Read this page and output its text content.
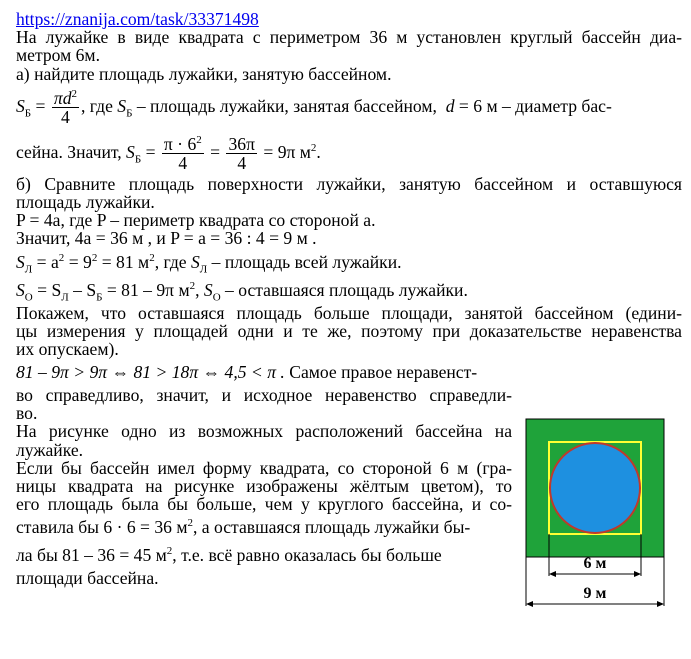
https://znanija.com/task/33371498
На лужайке в виде квадрата с периметром 36 м установлен круглый бассейн диа-
метром 6м.
а) найдите площадь лужайки, занятую бассейном.
$S_Б = \frac{\pi d^2}{4}$ , где $S_Б$ – площадь лужайки, занятая бассейном, d = 6 м – диаметр бас-
сейна. Значит, $S_Б = \frac{\pi \cdot 6^2}{4} = \frac{36\pi}{4} = 9\pi$ $м^2$.
б) Сравните площадь поверхности лужайки, занятую бассейном и оставшуюся
площадь лужайки.
P = 4a, где P – периметр квадрата со стороной a.
Значит, 4a = 36 м , и P = a = 36 : 4 = 9 м .
$S_Л = a^2 = 9^2 = 81$ $м^2$, где $S_Л$ – площадь всей лужайки.
$S_О = S_Л - S_Б = 81 - 9\pi$ $м^2$, $S_О$ – оставшаяся площадь лужайки.
Покажем, что оставшаяся площадь больше площади, занятой бассейном (едини-
цы измерения у площадей одни и те же, поэтому при доказательстве неравенства
их опускаем).
81 – 9π > 9π ⇔ 81 > 18π ⇔ 4,5 < π . Самое правое неравенст-
во справедливо, значит, и исходное неравенство справедли-
во.
На рисунке одно из возможных расположений бассейна на
лужайке.
Если бы бассейн имел форму квадрата, со стороной 6 м (гра-
ницы квадрата на рисунке изображены жёлтым цветом), то
его площадь была бы больше, чем у круглого бассейна, и со-
ставила бы 6 · 6 = 36 $м^2$, а оставшаяся площадь лужайки бы-
ла бы 81 – 36 = 45 $м^2$, т.е. всё равно оказалась бы больше
площади бассейна.
6 м
9 м
